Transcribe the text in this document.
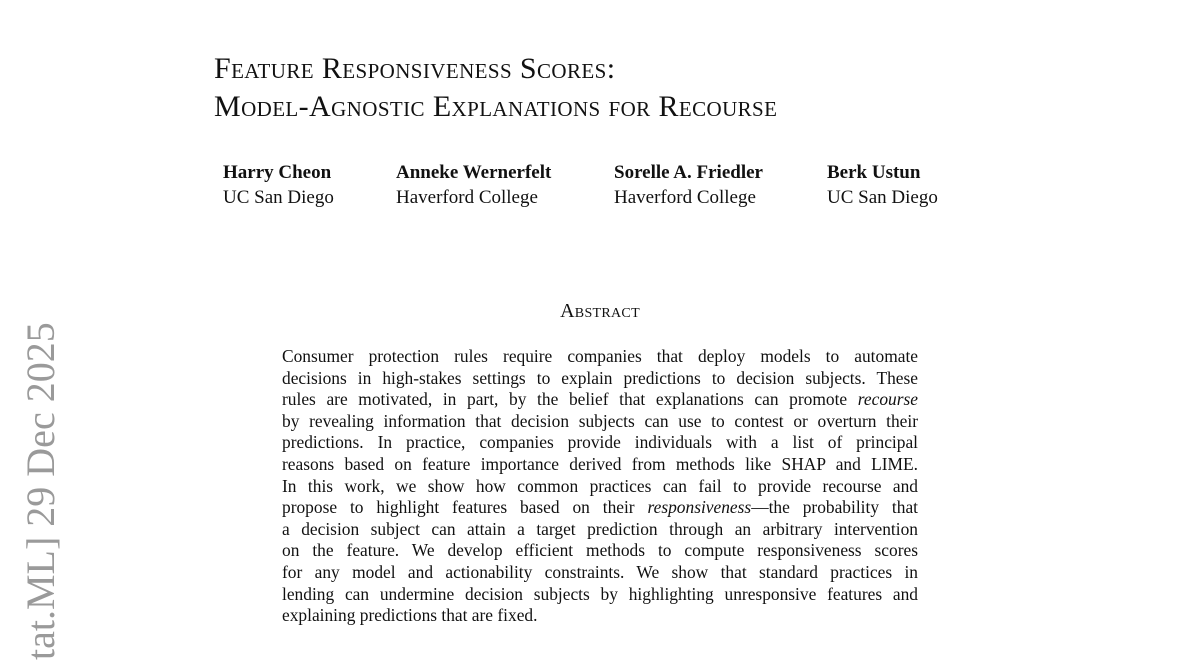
tat.ML] 29 Dec 2025
Feature Responsiveness Scores:
Model-Agnostic Explanations for Recourse
Harry Cheon
UC San Diego
Anneke Wernerfelt
Haverford College
Sorelle A. Friedler
Haverford College
Berk Ustun
UC San Diego
Abstract
Consumer protection rules require companies that deploy models to automate
decisions in high-stakes settings to explain predictions to decision subjects. These
rules are motivated, in part, by the belief that explanations can promote recourse
by revealing information that decision subjects can use to contest or overturn their
predictions. In practice, companies provide individuals with a list of principal
reasons based on feature importance derived from methods like SHAP and LIME.
In this work, we show how common practices can fail to provide recourse and
propose to highlight features based on their responsiveness—the probability that
a decision subject can attain a target prediction through an arbitrary intervention
on the feature. We develop efficient methods to compute responsiveness scores
for any model and actionability constraints. We show that standard practices in
lending can undermine decision subjects by highlighting unresponsive features and
explaining predictions that are fixed.
